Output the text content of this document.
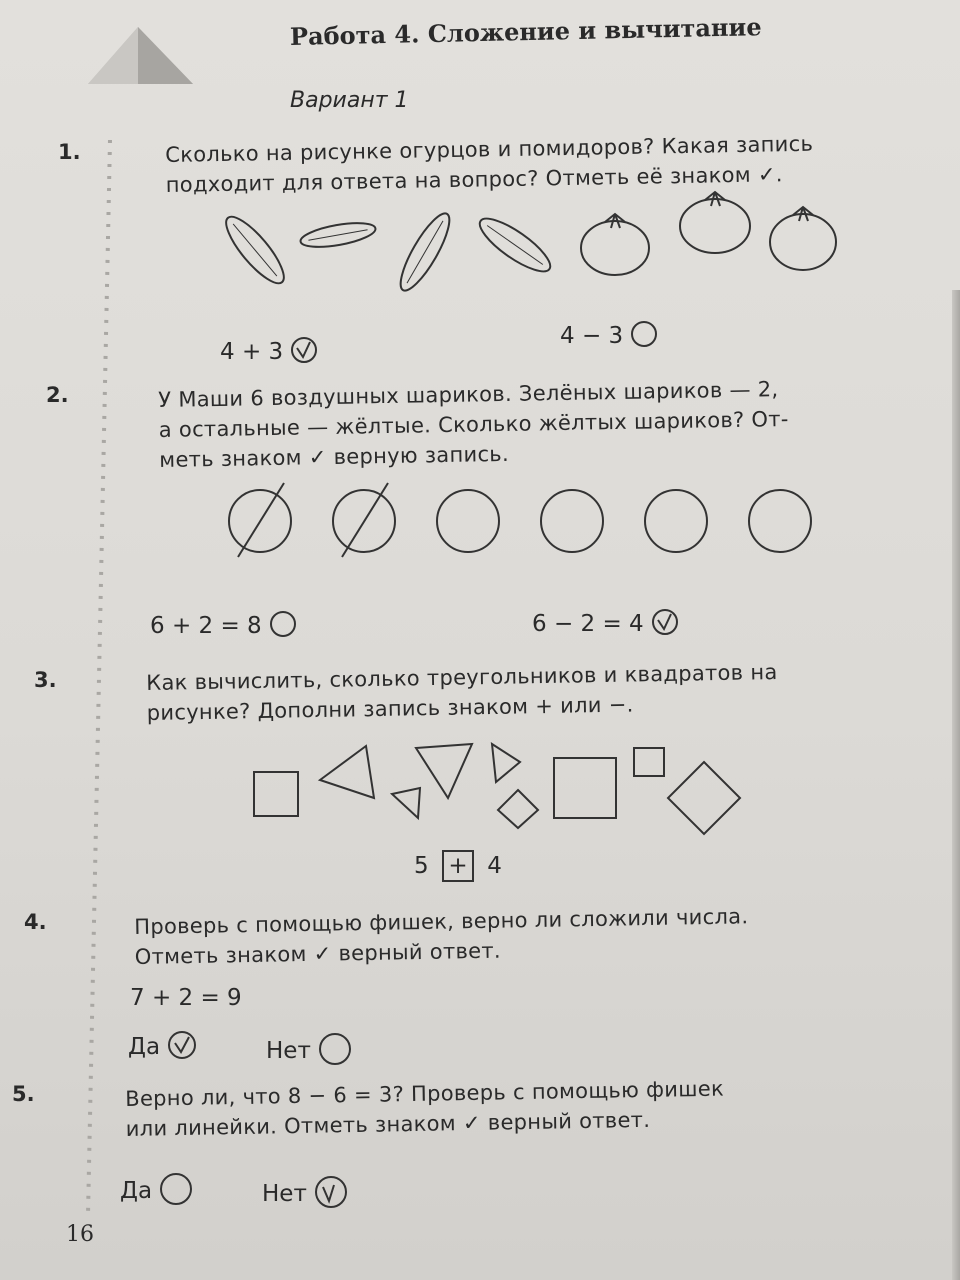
Работа 4. Сложение и вычитание
Вариант 1
1.	Сколько на рисунке огурцов и помидоров? Какая запись
подходит для ответа на вопрос? Отметь её знаком ✓.
4 + 3
4 − 3
2.	У Маши 6 воздушных шариков. Зелёных шариков — 2,
а остальные — жёлтые. Сколько жёлтых шариков? От-
меть знаком ✓ верную запись.
6 + 2 = 8	6 − 2 = 4
3.	Как вычислить, сколько треугольников и квадратов на
рисунке? Дополни запись знаком + или −.
5 + 4
4.	Проверь с помощью фишек, верно ли сложили числа.
Отметь знаком ✓ верный ответ.
7 + 2 = 9
Да	Нет
5.	Верно ли, что 8 − 6 = 3? Проверь с помощью фишек
или линейки. Отметь знаком ✓ верный ответ.
Да	Нет
16
